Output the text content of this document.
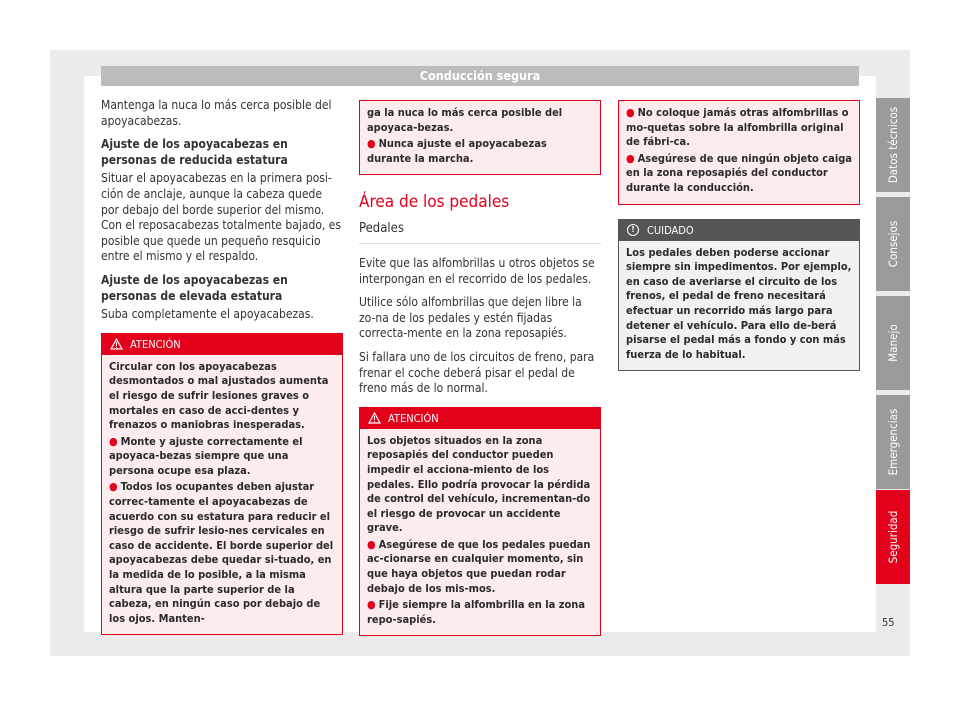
Conducción segura

Mantenga la nuca lo más cerca posible del apoyacabezas.

Ajuste de los apoyacabezas en personas de reducida estatura

Situar el apoyacabezas en la primera posi-ción de anclaje, aunque la cabeza quede por debajo del borde superior del mismo. Con el reposacabezas totalmente bajado, es posible que quede un pequeño resquicio entre el mismo y el respaldo.

Ajuste de los apoyacabezas en personas de elevada estatura

Suba completamente el apoyacabezas.

ATENCIÓN

Circular con los apoyacabezas desmontados o mal ajustados aumenta el riesgo de sufrir lesiones graves o mortales en caso de acci-dentes y frenazos o maniobras inesperadas.

● Monte y ajuste correctamente el apoyaca-bezas siempre que una persona ocupe esa plaza.

● Todos los ocupantes deben ajustar correc-tamente el apoyacabezas de acuerdo con su estatura para reducir el riesgo de sufrir lesio-nes cervicales en caso de accidente. El borde superior del apoyacabezas debe quedar si-tuado, en la medida de lo posible, a la misma altura que la parte superior de la cabeza, en ningún caso por debajo de los ojos. Manten-

ga la nuca lo más cerca posible del apoyaca-bezas.

● Nunca ajuste el apoyacabezas durante la marcha.

Área de los pedales
Pedales

Evite que las alfombrillas u otros objetos se interpongan en el recorrido de los pedales.

Utilice sólo alfombrillas que dejen libre la zo-na de los pedales y estén fijadas correcta-mente en la zona reposapiés.

Si fallara uno de los circuitos de freno, para frenar el coche deberá pisar el pedal de freno más de lo normal.

ATENCIÓN

Los objetos situados en la zona reposapiés del conductor pueden impedir el acciona-miento de los pedales. Ello podría provocar la pérdida de control del vehículo, incrementan-do el riesgo de provocar un accidente grave.

● Asegúrese de que los pedales puedan ac-cionarse en cualquier momento, sin que haya objetos que puedan rodar debajo de los mis-mos.

● Fije siempre la alfombrilla en la zona repo-sapiés.

● No coloque jamás otras alfombrillas o mo-quetas sobre la alfombrilla original de fábri-ca.

● Asegúrese de que ningún objeto caiga en la zona reposapiés del conductor durante la conducción.

!	CUIDADO

Los pedales deben poderse accionar siempre sin impedimentos. Por ejemplo, en caso de averiarse el circuito de los frenos, el pedal de freno necesitará efectuar un recorrido más largo para detener el vehículo. Para ello de-berá pisarse el pedal más a fondo y con más fuerza de lo habitual.

Datos técnicos
Consejos
Manejo
Emergencias
Seguridad
55
